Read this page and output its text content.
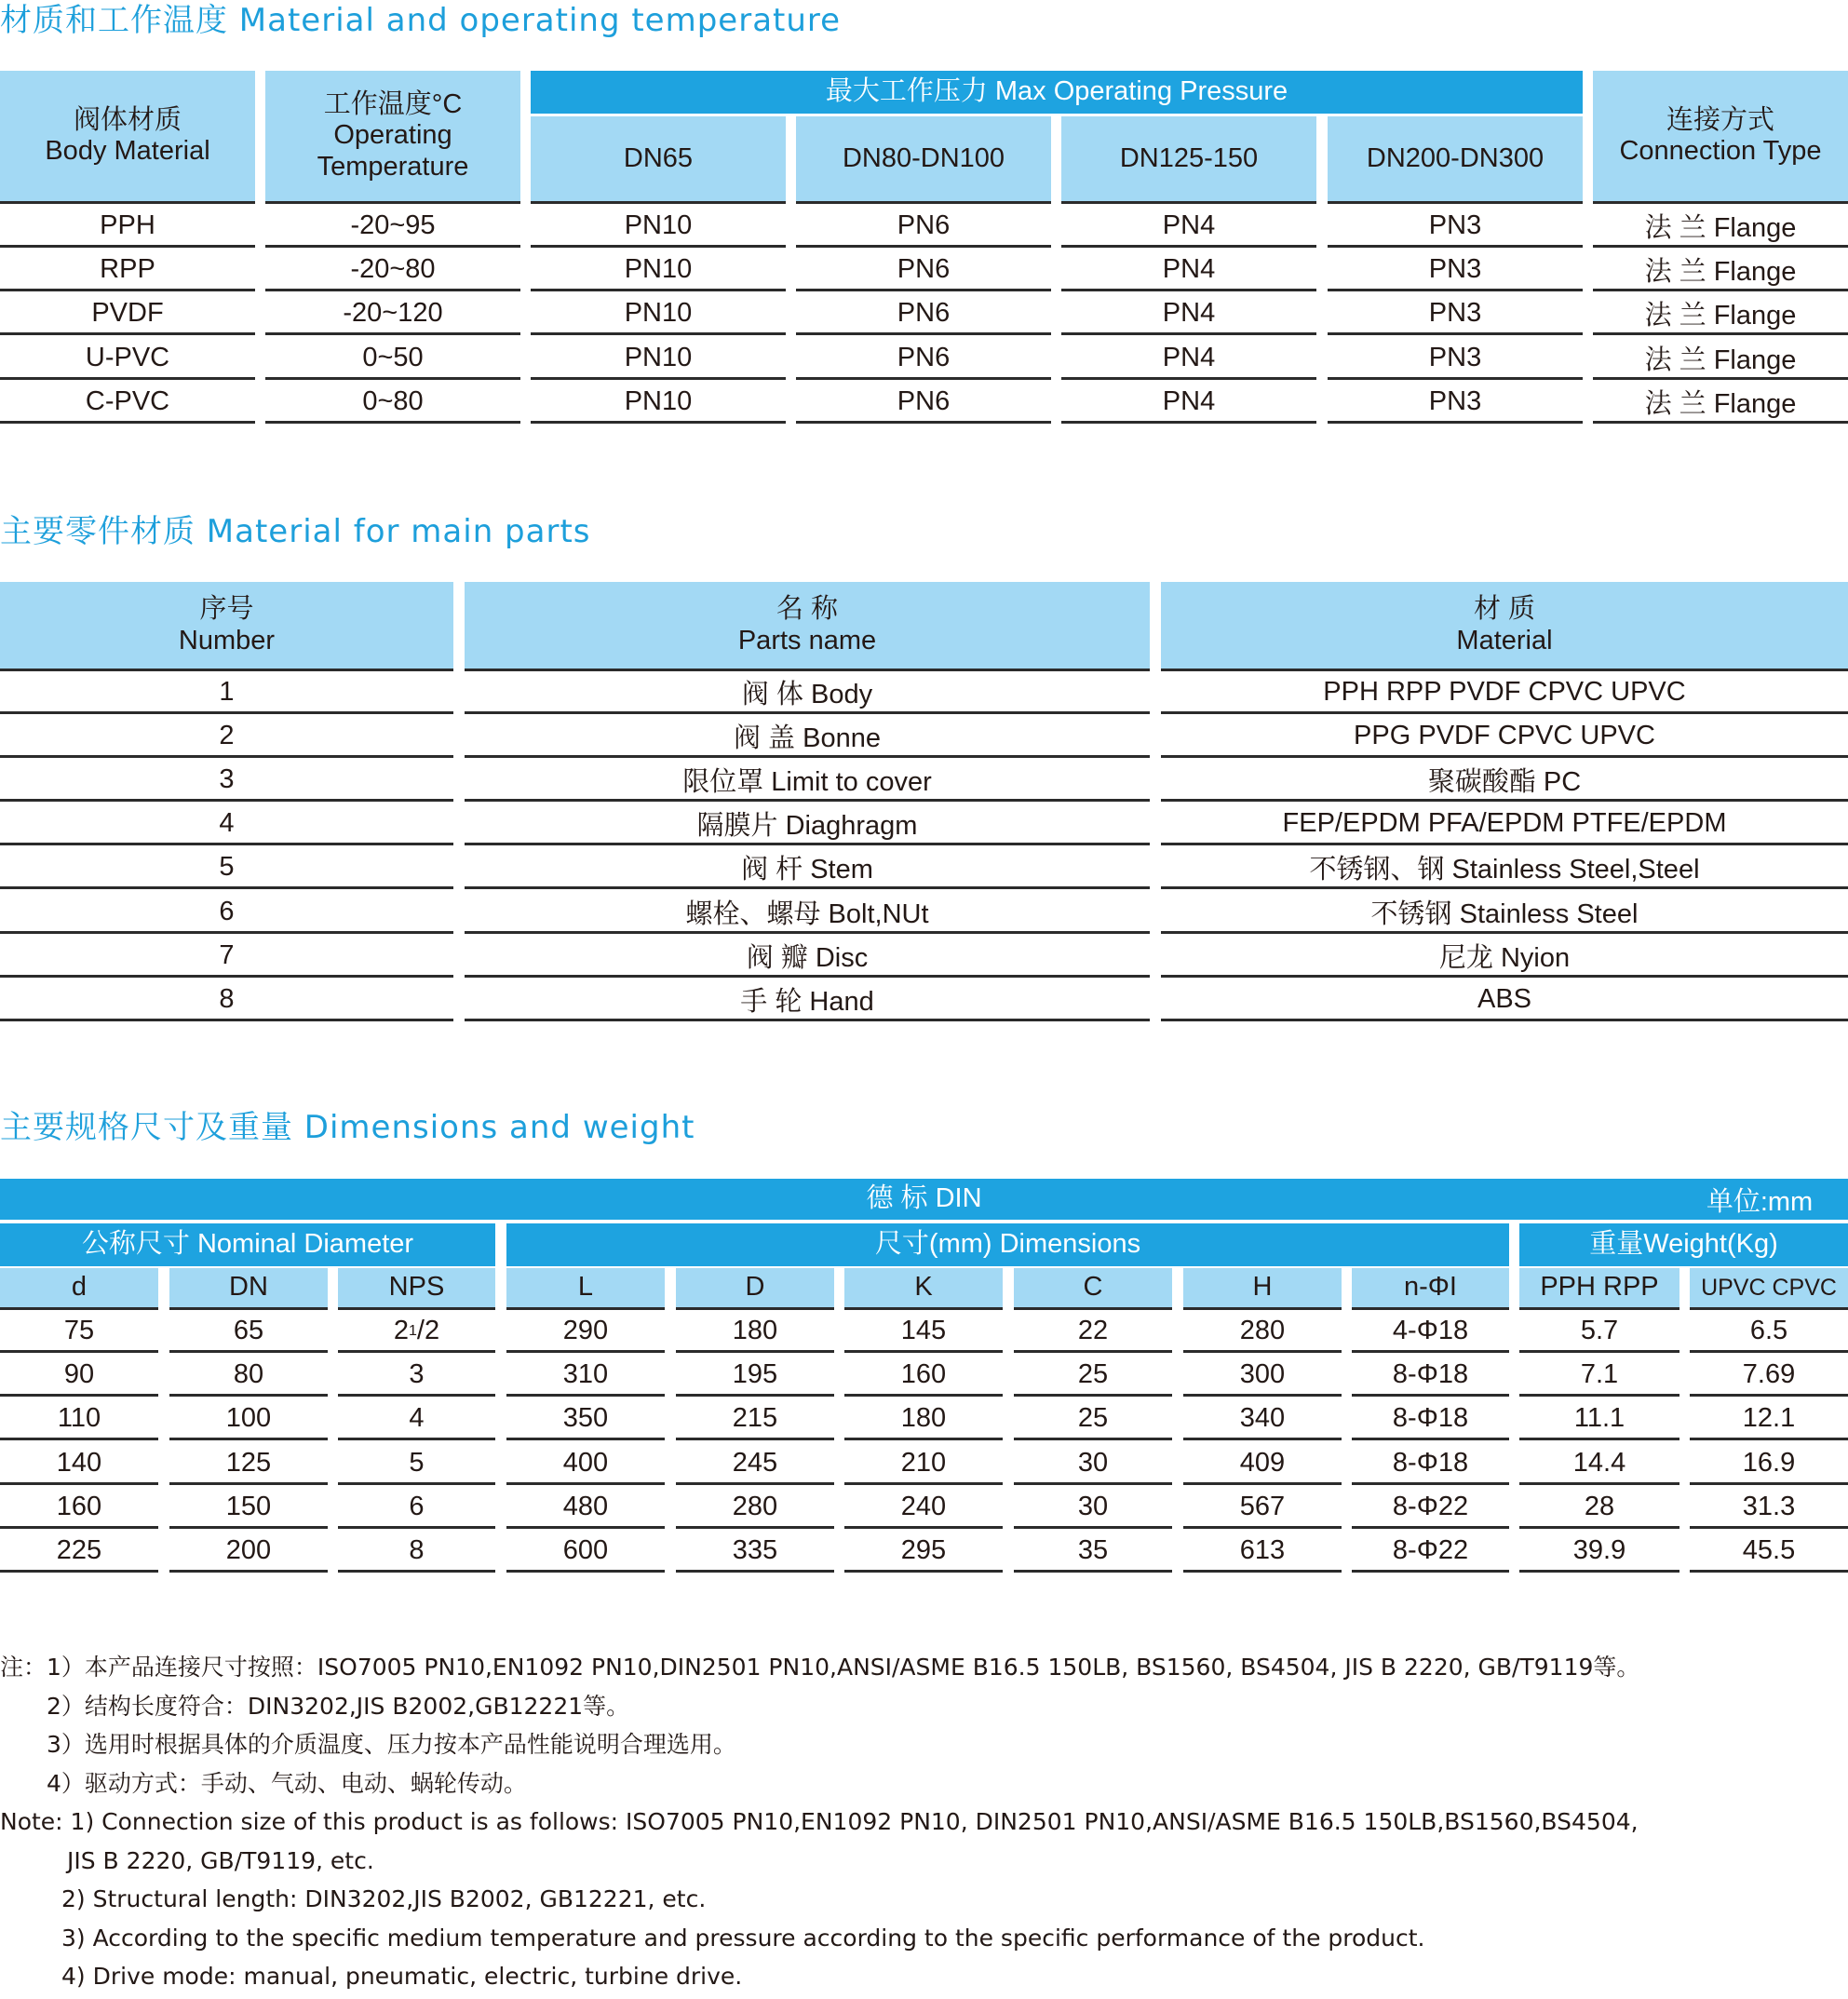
材质和工作温度 Material and operating temperature
阀体材质
Body Material
工作温度°C
Operating
Temperature
最大工作压力 Max Operating Pressure
DN65	DN80-DN100	DN125-150	DN200-DN300
连接方式
Connection Type
PPH	-20~95	PN10	PN6	PN4	PN3	法 兰 Flange
RPP	-20~80	PN10	PN6	PN4	PN3	法 兰 Flange
PVDF	-20~120	PN10	PN6	PN4	PN3	法 兰 Flange
U-PVC	0~50	PN10	PN6	PN4	PN3	法 兰 Flange
C-PVC	0~80	PN10	PN6	PN4	PN3	法 兰 Flange
主要零件材质 Material for main parts
序号
Number
名 称
Parts name
材 质
Material
1	阀 体 Body	PPH RPP PVDF CPVC UPVC
2	阀 盖 Bonne	PPG PVDF CPVC UPVC
3	限位罩 Limit to cover	聚碳酸酯 PC
4	隔膜片 Diaghragm	FEP/EPDM PFA/EPDM PTFE/EPDM
5	阀 杆 Stem	不锈钢、钢 Stainless Steel,Steel
6	螺栓、螺母 Bolt,NUt	不锈钢 Stainless Steel
7	阀 瓣 Disc	尼龙 Nyion
8	手 轮 Hand	ABS
主要规格尺寸及重量 Dimensions and weight
德 标 DIN	单位:mm
公称尺寸 Nominal Diameter	尺寸(mm) Dimensions	重量Weight(Kg)
d	DN	NPS	L	D	K	C	H	n-ΦI	PPH RPP UPVC CPVC
75	65	2 1 /2	290	180	145	22	280	4-Φ18	5.7	6.5
90	80	3	310	195	160	25	300	8-Φ18	7.1	7.69
110	100	4	350	215	180	25	340	8-Φ18	11.1	12.1
140	125	5	400	245	210	30	409	8-Φ18	14.4	16.9
160	150	6	480	280	240	30	567	8-Φ22	28	31.3
225	200	8	600	335	295	35	613	8-Φ22	39.9	45.5
注：1）本产品连接尺寸按照：ISO7005 PN10,EN1092 PN10,DIN2501 PN10,ANSI/ASME B16.5 150LB, BS1560, BS4504, JIS B 2220, GB/T9119等。
2）结构长度符合：DIN3202,JIS B2002,GB12221等。
3）选用时根据具体的介质温度、压力按本产品性能说明合理选用。
4）驱动方式：手动、气动、电动、蜗轮传动。
Note: 1) Connection size of this product is as follows: ISO7005 PN10,EN1092 PN10, DIN2501 PN10,ANSI/ASME B16.5 150LB,BS1560,BS4504,
JIS B 2220, GB/T9119, etc.
2) Structural length: DIN3202,JIS B2002, GB12221, etc.
3) According to the specific medium temperature and pressure according to the specific performance of the product.
4) Drive mode: manual, pneumatic, electric, turbine drive.
